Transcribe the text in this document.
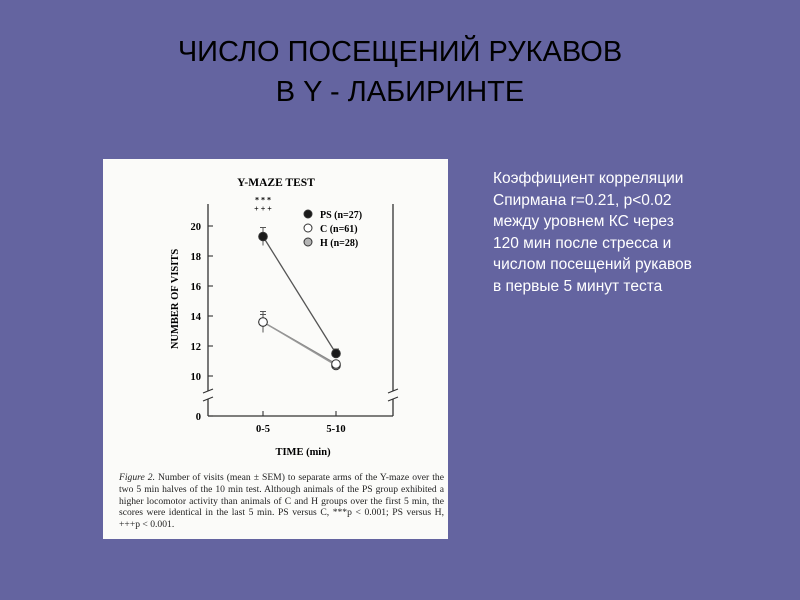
ЧИСЛО ПОСЕЩЕНИЙ РУКАВОВ
В Y - ЛАБИРИНТЕ
Y-MAZE TEST
NUMBER OF VISITS
TIME (min)
0
10
12
14
16
18
20
0-5	5-10
* * * + + +
PS (n=27)
C (n=61)
H (n=28)
Figure 2. Number of visits (mean ± SEM) to separate arms of the Y-maze over the two 5 min halves of the 10 min test. Although animals of the PS group exhibited a higher locomotor activity than animals of C and H groups over the first 5 min, the scores were identical in the last 5 min. PS versus C, ***p < 0.001; PS versus H, +++p < 0.001.
Коэффициент корреляции
Спирмана r=0.21, p<0.02
между уровнем КС через
120 мин после стресса и
числом посещений рукавов
в первые 5 минут теста
